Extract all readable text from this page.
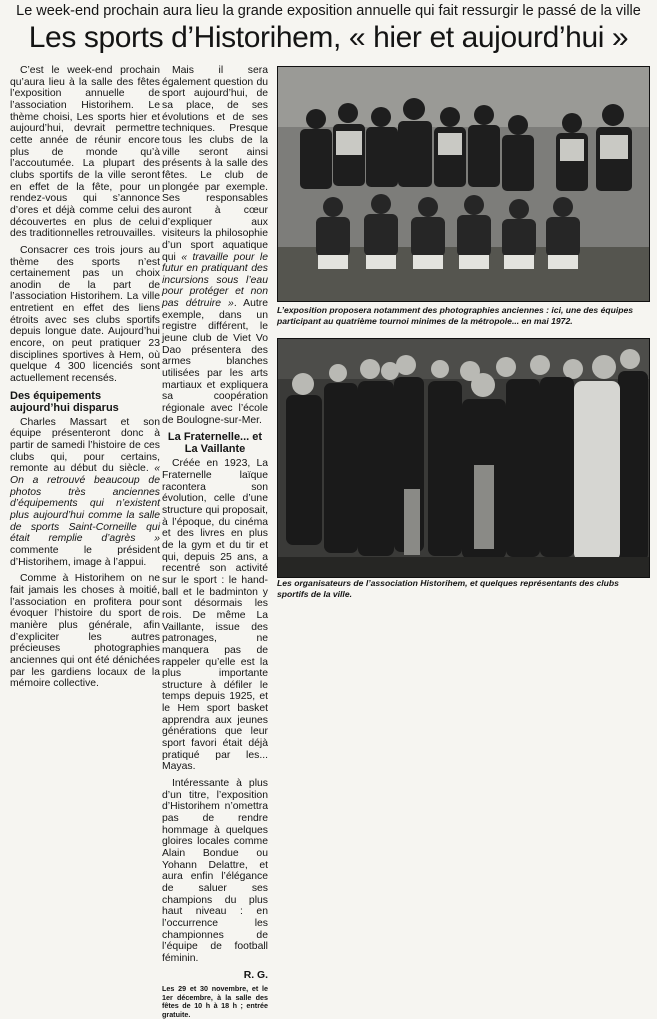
Le week-end prochain aura lieu la grande exposition annuelle qui fait ressurgir le passé de la ville
Les sports d’Historihem, « hier et aujourd’hui »

C’est le week-end prochain qu’aura lieu à la salle des fêtes l’exposition annuelle de l’association Historihem. Le thème choisi, Les sports hier et aujourd’hui, devrait permettre cette année de réunir encore plus de monde qu’à l’accoutumée. La plupart des clubs sportifs de la ville seront en effet de la fête, pour un rendez-vous qui s’annonce d’ores et déjà comme celui des découvertes en plus de celui des traditionnelles retrouvailles.

Consacrer ces trois jours au thème des sports n’est certainement pas un choix anodin de la part de l’association Historihem. La ville entretient en effet des liens étroits avec ses clubs sportifs depuis longue date. Aujourd’hui encore, on peut pratiquer 23 disciplines sportives à Hem, où quelque 4 300 licenciés sont actuellement recensés.

Des équipements aujourd’hui disparus

Charles Massart et son équipe présenteront donc à partir de samedi l’histoire de ces clubs qui, pour certains, remonte au début du siècle. « On a retrouvé beaucoup de photos très anciennes d’équipements qui n’existent plus aujourd’hui comme la salle de sports Saint-Corneille qui était remplie d’agrès » commente le président d’Historihem, image à l’appui.

Comme à Historihem on ne fait jamais les choses à moitié, l’association en profitera pour évoquer l’histoire du sport de manière plus générale, afin d’expliciter les autres précieuses photographies anciennes qui ont été dénichées par les gardiens locaux de la mémoire collective.

Mais il sera également question du sport aujourd’hui, de sa place, de ses évolutions et de ses techniques. Presque tous les clubs de la ville seront ainsi présents à la salle des fêtes. Le club de plongée par exemple. Ses responsables auront à cœur d’expliquer aux visiteurs la philosophie d’un sport aquatique qui « travaille pour le futur en pratiquant des incursions sous l’eau pour protéger et non pas détruire ». Autre exemple, dans un registre différent, le jeune club de Viet Vo Dao présentera des armes blanches utilisées par les arts martiaux et expliquera sa coopération régionale avec l’école de Boulogne-sur-Mer.

La Fraternelle... et La Vaillante

Créée en 1923, La Fraternelle laïque racontera son évolution, celle d’une structure qui proposait, à l’époque, du cinéma et des livres en plus de la gym et du tir et qui, depuis 25 ans, a recentré son activité sur le sport : le hand-ball et le badminton y sont désormais les rois. De même La Vaillante, issue des patronages, ne manquera pas de rappeler qu’elle est la plus importante structure à défiler le temps depuis 1925, et le Hem sport basket apprendra aux jeunes générations que leur sport favori était déjà pratiqué par les... Mayas.

Intéressante à plus d’un titre, l’exposition d’Historihem n’omettra pas de rendre hommage à quelques gloires locales comme Alain Bondue ou Yohann Delattre, et aura enfin l’élégance de saluer ses champions du plus haut niveau : en l’occurrence les championnes de l’équipe de football féminin.

R. G.
Les 29 et 30 novembre, et le 1er décembre, à la salle des fêtes de 10 h à 18 h ; entrée gratuite.
L’exposition proposera notamment des photographies anciennes : ici, une des équipes participant au quatrième tournoi minimes de la métropole... en mai 1972.
Les organisateurs de l’association Historihem, et quelques représentants des clubs sportifs de la ville.
